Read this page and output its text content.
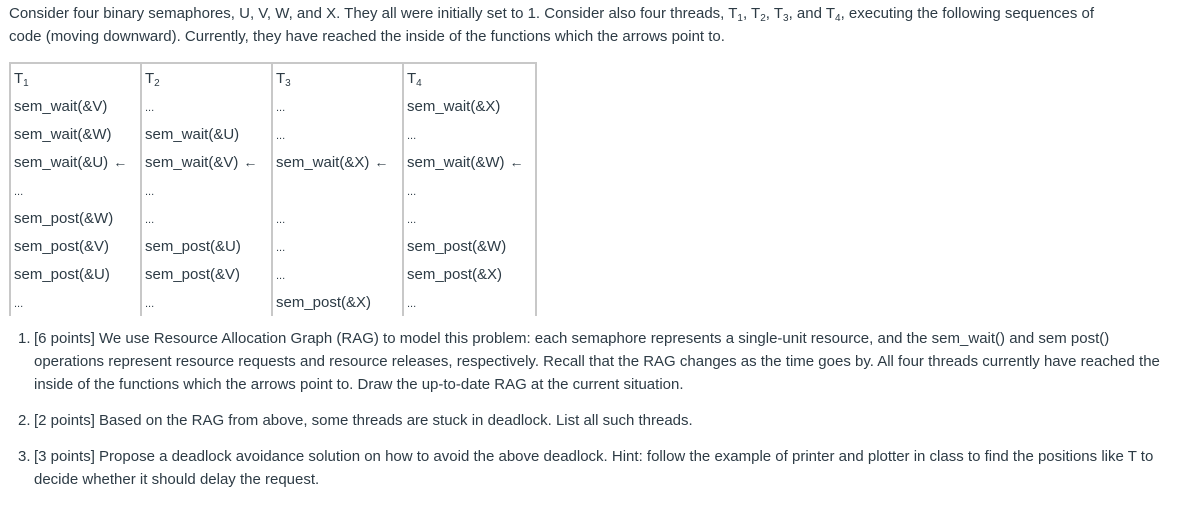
Consider four binary semaphores, U, V, W, and X. They all were initially set to 1. Consider also four threads, $T_1$, $T_2$, $T_3$, and $T_4$, executing the following sequences of
code (moving downward). Currently, they have reached the inside of the functions which the arrows point to.
$T_1$	$T_2$	$T_3$	$T_4$
sem_wait(&V)	...	...	sem_wait(&X)
sem_wait(&W)	sem_wait(&U)	...	...
sem_wait(&U) ←	sem_wait(&V) ←	sem_wait(&X) ←	sem_wait(&W) ←
...	...		...
sem_post(&W)	...	...	...
sem_post(&V)	sem_post(&U)	...	sem_post(&W)
sem_post(&U)	sem_post(&V)	...	sem_post(&X)
...	...	sem_post(&X)	...
1. [6 points] We use Resource Allocation Graph (RAG) to model this problem: each semaphore represents a single-unit resource, and the sem_wait() and sem post() operations represent resource requests and resource releases, respectively. Recall that the RAG changes as the time goes by. All four threads currently have reached the inside of the functions which the arrows point to. Draw the up-to-date RAG at the current situation.
2. [2 points] Based on the RAG from above, some threads are stuck in deadlock. List all such threads.
3. [3 points] Propose a deadlock avoidance solution on how to avoid the above deadlock. Hint: follow the example of printer and plotter in class to find the positions like T to decide whether it should delay the request.
